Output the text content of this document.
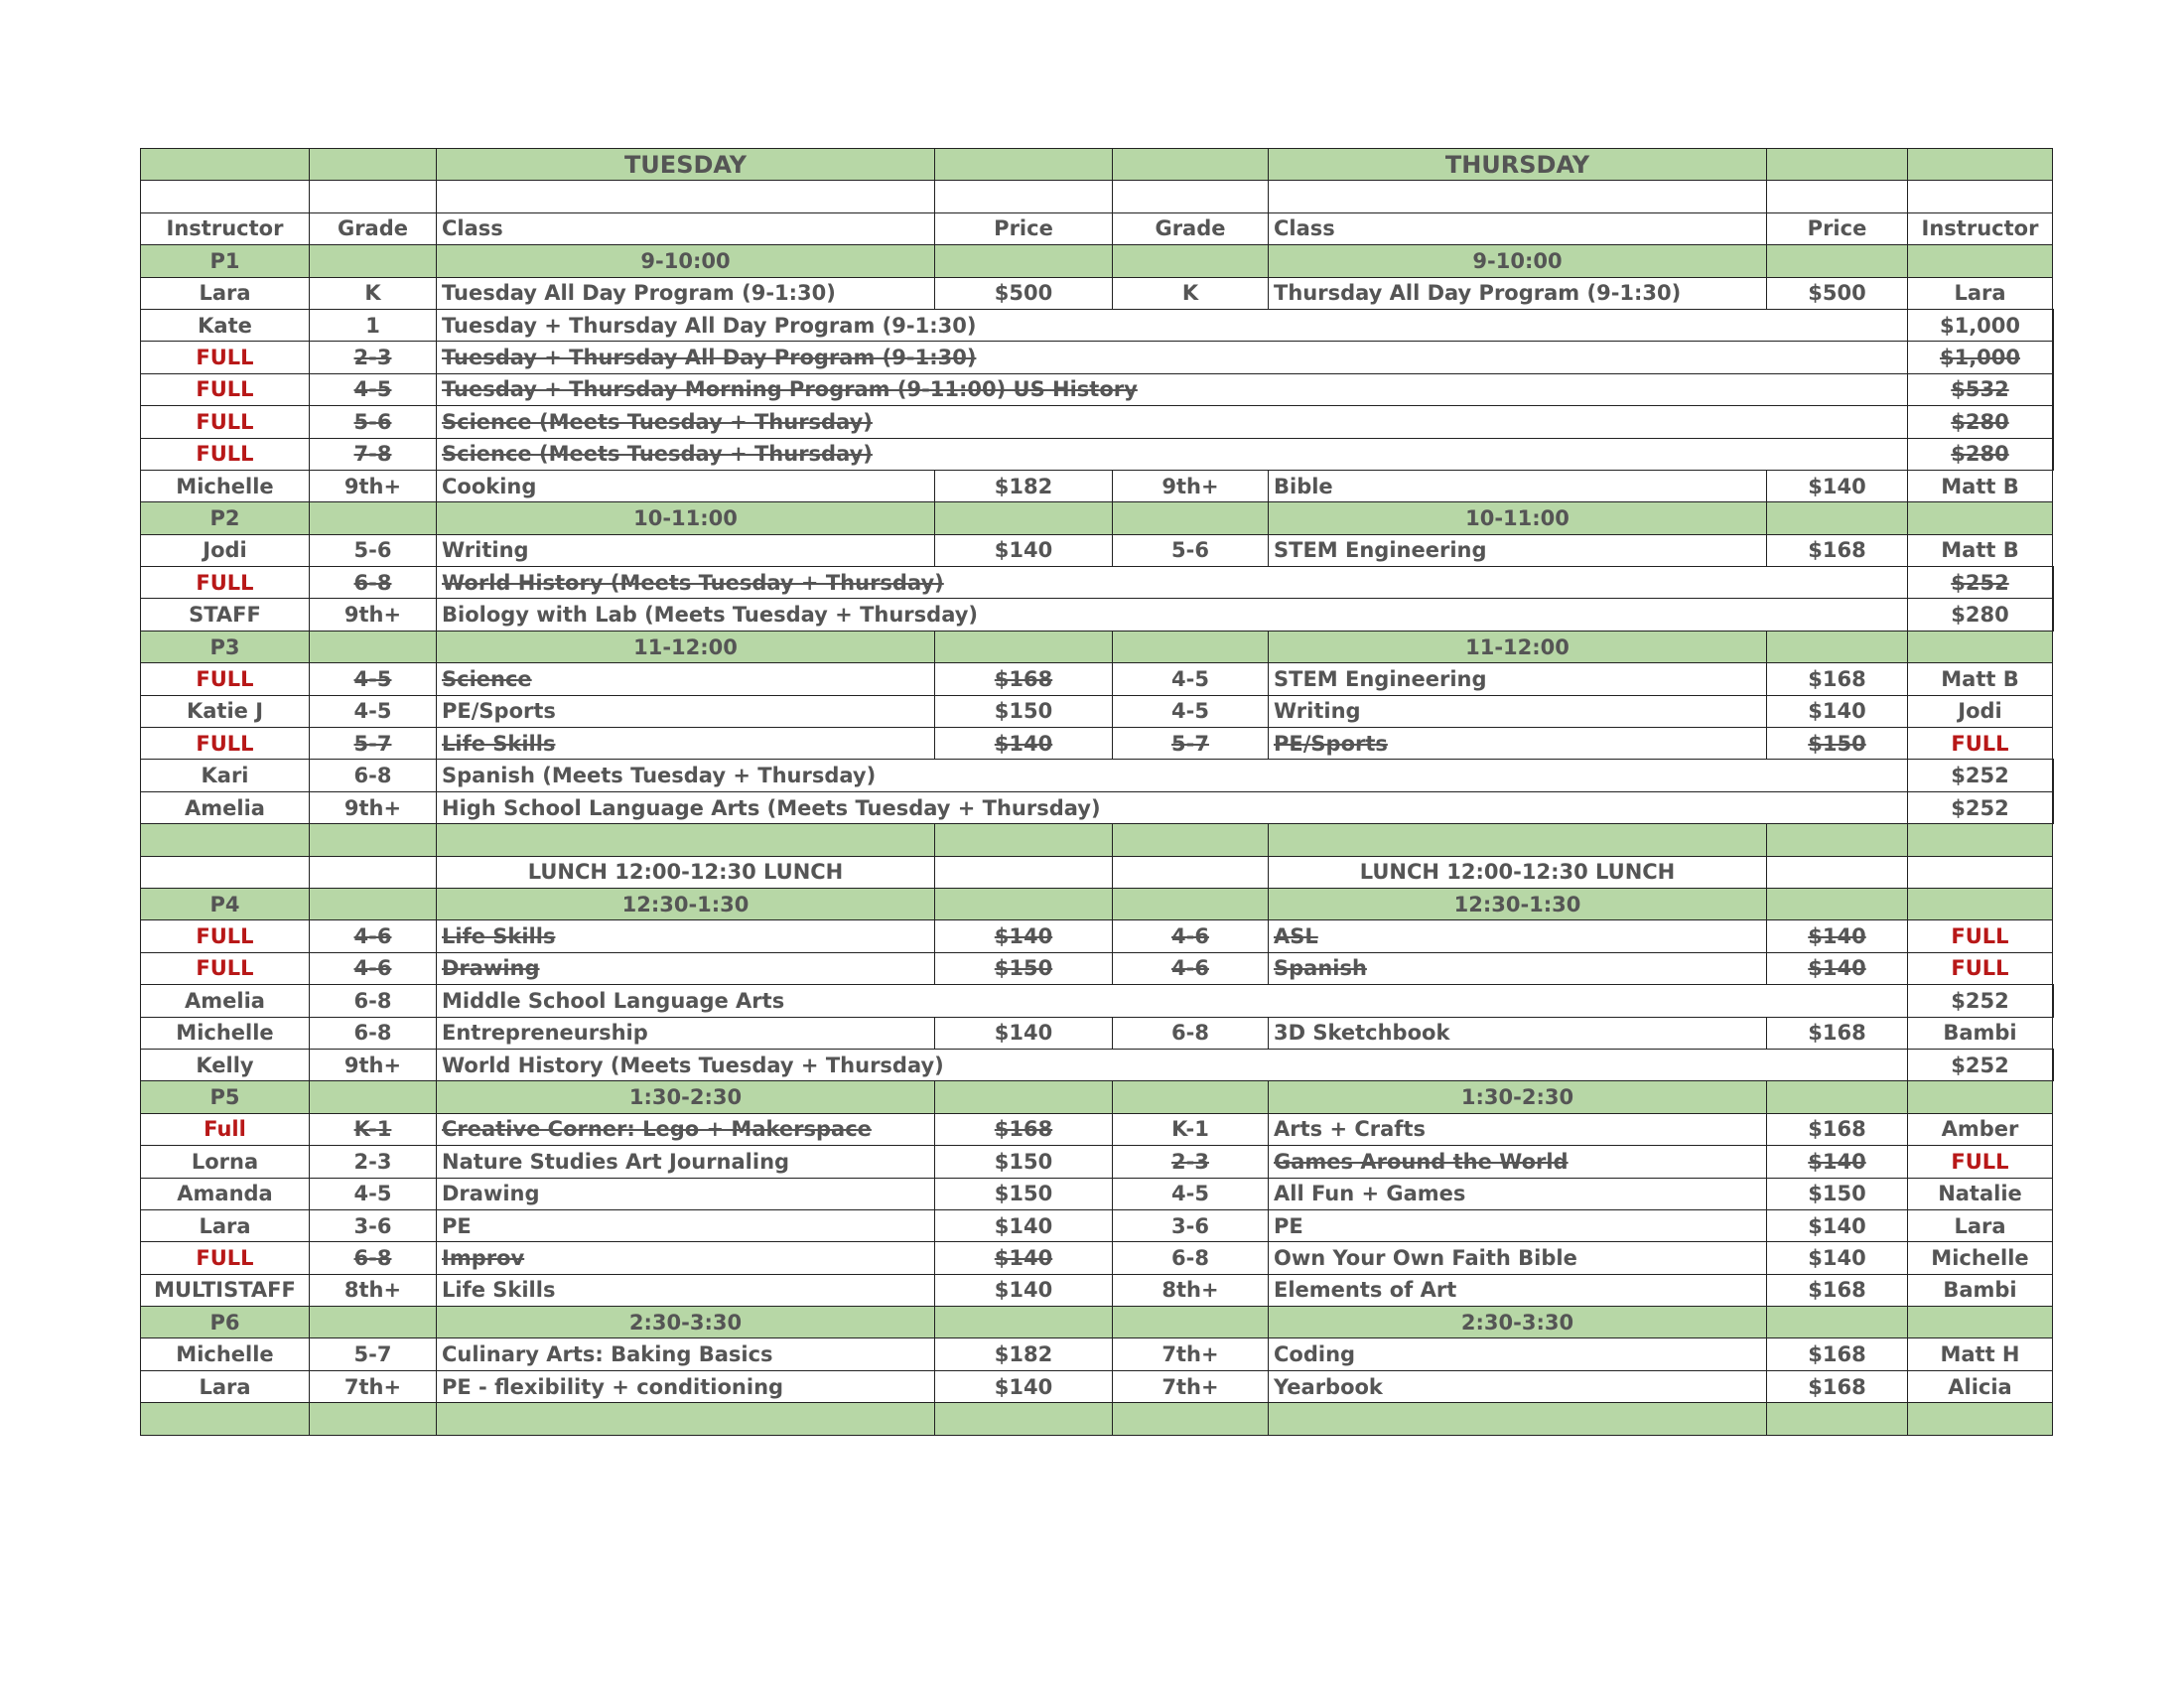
		TUESDAY			THURSDAY			

Instructor	Grade	Class	Price	Grade	Class	Price	Instructor	
P1		9-10:00			9-10:00			
Lara	K	Tuesday All Day Program (9-1:30)	$500	K	Thursday All Day Program (9-1:30)	$500	Lara	
Kate	1	Tuesday + Thursday All Day Program (9-1:30)					$1,000	
FULL	2-3	Tuesday + Thursday All Day Program (9-1:30)					$1,000	
FULL	4-5	Tuesday + Thursday Morning Program (9-11:00) US History					$532	
FULL	5-6	Science (Meets Tuesday + Thursday)					$280	
FULL	7-8	Science (Meets Tuesday + Thursday)					$280	
Michelle	9th+	Cooking	$182	9th+	Bible	$140	Matt B	
P2		10-11:00			10-11:00			
Jodi	5-6	Writing	$140	5-6	STEM Engineering	$168	Matt B	
FULL	6-8	World History (Meets Tuesday + Thursday)					$252	
STAFF	9th+	Biology with Lab (Meets Tuesday + Thursday)					$280	
P3		11-12:00			11-12:00			
FULL	4-5	Science	$168	4-5	STEM Engineering	$168	Matt B	
Katie J	4-5	PE/Sports	$150	4-5	Writing	$140	Jodi	
FULL	5-7	Life Skills	$140	5-7	PE/Sports	$150	FULL	
Kari	6-8	Spanish (Meets Tuesday + Thursday)					$252	
Amelia	9th+	High School Language Arts (Meets Tuesday + Thursday)					$252	

		LUNCH 12:00-12:30 LUNCH			LUNCH 12:00-12:30 LUNCH			
P4		12:30-1:30			12:30-1:30			
FULL	4-6	Life Skills	$140	4-6	ASL	$140	FULL	
FULL	4-6	Drawing	$150	4-6	Spanish	$140	FULL	
Amelia	6-8	Middle School Language Arts					$252	
Michelle	6-8	Entrepreneurship	$140	6-8	3D Sketchbook	$168	Bambi	
Kelly	9th+	World History (Meets Tuesday + Thursday)					$252	
P5		1:30-2:30			1:30-2:30			
Full	K-1	Creative Corner: Lego + Makerspace	$168	K-1	Arts + Crafts	$168	Amber	
Lorna	2-3	Nature Studies Art Journaling	$150	2-3	Games Around the World	$140	FULL	
Amanda	4-5	Drawing	$150	4-5	All Fun + Games	$150	Natalie	
Lara	3-6	PE	$140	3-6	PE	$140	Lara	
FULL	6-8	Improv	$140	6-8	Own Your Own Faith Bible	$140	Michelle	
MULTISTAFF	8th+	Life Skills	$140	8th+	Elements of Art	$168	Bambi	
P6		2:30-3:30			2:30-3:30			
Michelle	5-7	Culinary Arts: Baking Basics	$182	7th+	Coding	$168	Matt H	
Lara	7th+	PE - flexibility + conditioning	$140	7th+	Yearbook	$168	Alicia	
